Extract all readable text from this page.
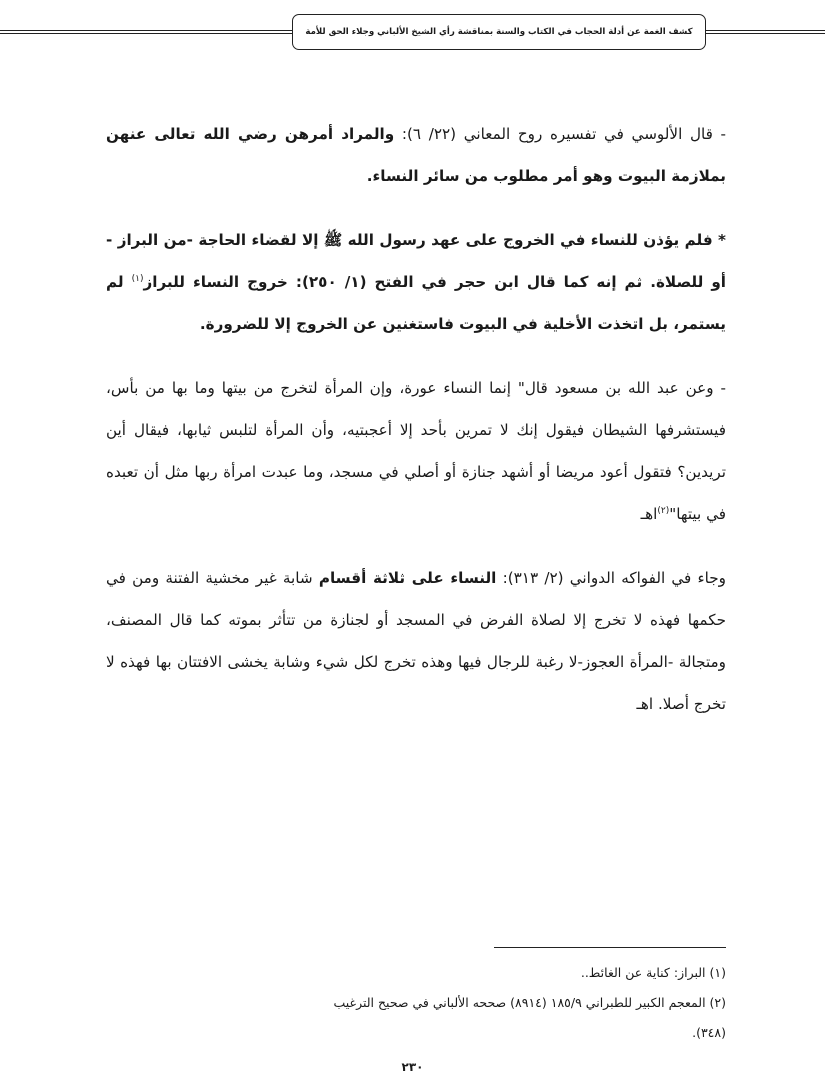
كشف الغمة عن أدلة الحجاب في الكتاب والسنة بمناقشة رأي الشيخ الألباني وجلاء الحق للأمة

- قال الألوسي في تفسيره روح المعاني (٢٢/ ٦): والمراد أمرهن رضي الله تعالى عنهن بملازمة البيوت وهو أمر مطلوب من سائر النساء.

* فلم يؤذن للنساء في الخروج على عهد رسول الله ﷺ إلا لقضاء الحاجة -من البراز - أو للصلاة. ثم إنه كما قال ابن حجر في الفتح (١/ ٢٥٠): خروج النساء للبراز$^{(١)}$ لم يستمر، بل اتخذت الأخلية في البيوت فاستغنين عن الخروج إلا للضرورة.

- وعن عبد الله بن مسعود قال" إنما النساء عورة، وإن المرأة لتخرج من بيتها وما بها من بأس، فيستشرفها الشيطان فيقول إنك لا تمرين بأحد إلا أعجبتيه، وأن المرأة لتلبس ثيابها، فيقال أين تريدين؟ فتقول أعود مريضا أو أشهد جنازة أو أصلي في مسجد، وما عبدت امرأة ربها مثل أن تعبده في بيتها"$^{(٢)}$اهـ

وجاء في الفواكه الدواني (٢/ ٣١٣): النساء على ثلاثة أقسام شابة غير مخشية الفتنة ومن في حكمها فهذه لا تخرج إلا لصلاة الفرض في المسجد أو لجنازة من تتأثر بموته كما قال المصنف، ومتجالة -المرأة العجوز-لا رغبة للرجال فيها وهذه تخرج لكل شيء وشابة يخشى الافتتان بها فهذه لا تخرج أصلا. اهـ

(١) البراز: كناية عن الغائط..

(٢) المعجم الكبير للطبراني ١٨٥/٩ (٨٩١٤) صححه الألباني في صحيح الترغيب (٣٤٨).

٢٣٠
